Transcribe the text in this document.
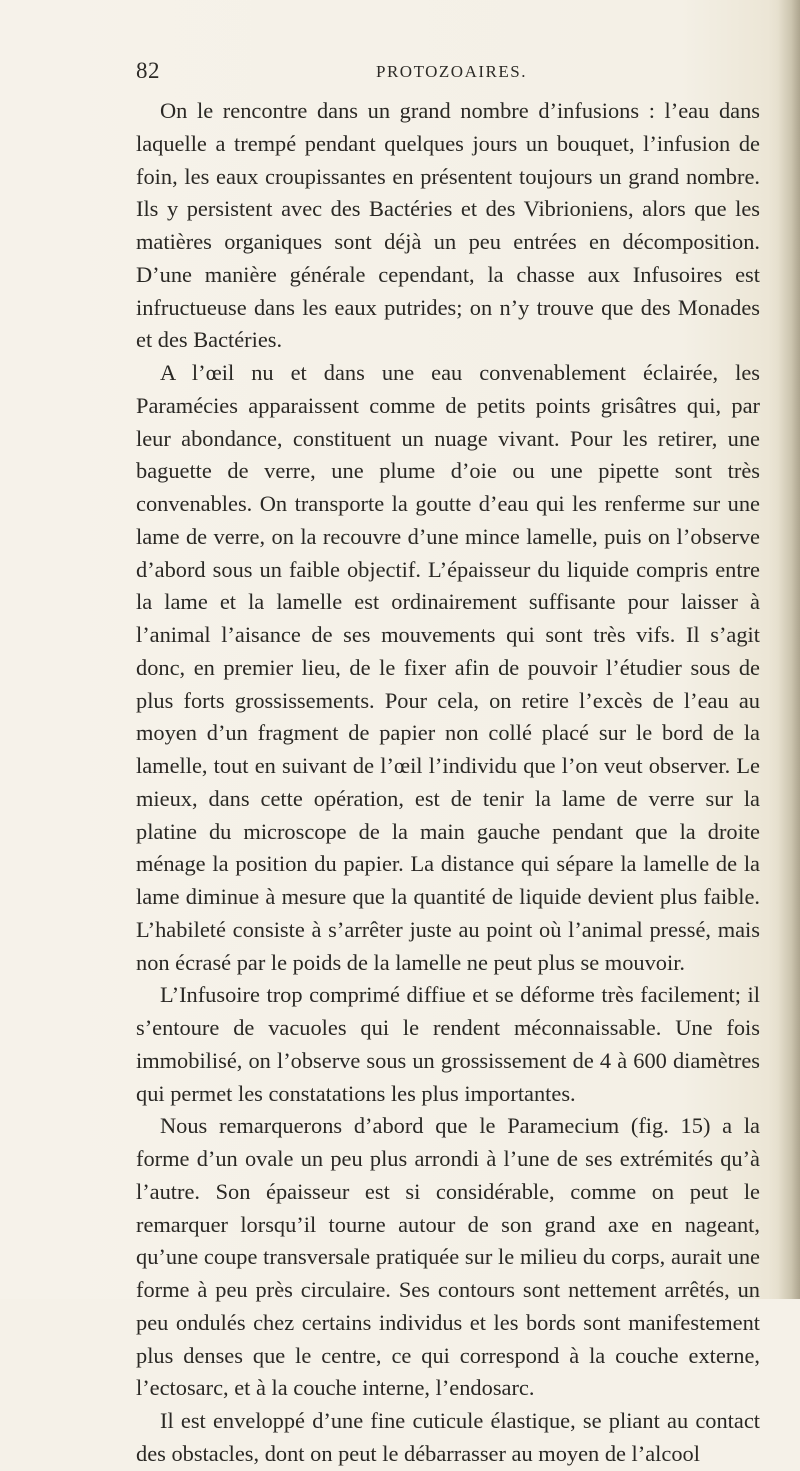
82	PROTOZOAIRES.

On le rencontre dans un grand nombre d’infusions : l’eau dans laquelle a trempé pendant quelques jours un bouquet, l’infusion de foin, les eaux croupissantes en présentent toujours un grand nombre. Ils y persistent avec des Bactéries et des Vibrioniens, alors que les matières organiques sont déjà un peu entrées en décomposition. D’une manière générale cependant, la chasse aux Infusoires est infructueuse dans les eaux putrides; on n’y trouve que des Monades et des Bactéries.

A l’œil nu et dans une eau convenablement éclairée, les Paramécies apparaissent comme de petits points grisâtres qui, par leur abondance, constituent un nuage vivant. Pour les retirer, une baguette de verre, une plume d’oie ou une pipette sont très convenables. On transporte la goutte d’eau qui les renferme sur une lame de verre, on la recouvre d’une mince lamelle, puis on l’observe d’abord sous un faible objectif. L’épaisseur du liquide compris entre la lame et la lamelle est ordinairement suffisante pour laisser à l’animal l’aisance de ses mouvements qui sont très vifs. Il s’agit donc, en premier lieu, de le fixer afin de pouvoir l’étudier sous de plus forts grossissements. Pour cela, on retire l’excès de l’eau au moyen d’un fragment de papier non collé placé sur le bord de la lamelle, tout en suivant de l’œil l’individu que l’on veut observer. Le mieux, dans cette opération, est de tenir la lame de verre sur la platine du microscope de la main gauche pendant que la droite ménage la position du papier. La distance qui sépare la lamelle de la lame diminue à mesure que la quantité de liquide devient plus faible. L’habileté consiste à s’arrêter juste au point où l’animal pressé, mais non écrasé par le poids de la lamelle ne peut plus se mouvoir.

L’Infusoire trop comprimé diffiue et se déforme très facilement; il s’entoure de vacuoles qui le rendent méconnaissable. Une fois immobilisé, on l’observe sous un grossissement de 4 à 600 diamètres qui permet les constatations les plus importantes.

Nous remarquerons d’abord que le Paramecium (fig. 15) a la forme d’un ovale un peu plus arrondi à l’une de ses extrémités qu’à l’autre. Son épaisseur est si considérable, comme on peut le remarquer lorsqu’il tourne autour de son grand axe en nageant, qu’une coupe transversale pratiquée sur le milieu du corps, aurait une forme à peu près circulaire. Ses contours sont nettement arrêtés, un peu ondulés chez certains individus et les bords sont manifestement plus denses que le centre, ce qui correspond à la couche externe, l’ectosarc, et à la couche interne, l’endosarc.

Il est enveloppé d’une fine cuticule élastique, se pliant au contact des obstacles, dont on peut le débarrasser au moyen de l’alcool
